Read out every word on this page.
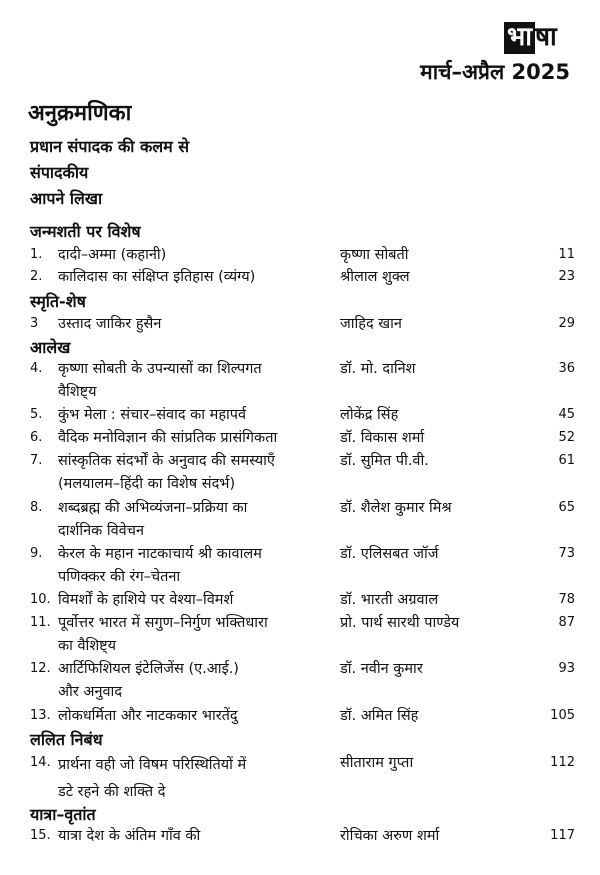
भा षा
मार्च–अप्रैल 2025
अनुक्रमणिका
प्रधान संपादक की कलम से
संपादकीय
आपने लिखा
जन्मशती पर विशेष
1.	दादी–अम्मा (कहानी)	कृष्णा सोबती	11
2.	कालिदास का संक्षिप्त इतिहास (व्यंग्य)	श्रीलाल शुक्ल	23
स्मृति-शेष
3	उस्ताद जाकिर हुसैन	जाहिद खान	29
आलेख
4.	कृष्णा सोबती के उपन्यासों का शिल्पगत
वैशिष्ट्य
डॉ. मो. दानिश	36
5.	कुंभ मेला : संचार–संवाद का महापर्व	लोकेंद्र सिंह	45
6.	वैदिक मनोविज्ञान की सांप्रतिक प्रासंगिकता	डॉ. विकास शर्मा	52
7.	सांस्कृतिक संदर्भों के अनुवाद की समस्याएँ
(मलयालम–हिंदी का विशेष संदर्भ)
डॉ. सुमित पी.वी.	61
8.	शब्दब्रह्म की अभिव्यंजना–प्रक्रिया का
दार्शनिक विवेचन
डॉ. शैलेश कुमार मिश्र	65
9.	केरल के महान नाटकाचार्य श्री कावालम
पणिक्कर की रंग–चेतना
डॉ. एलिसबत जॉर्ज	73
10. विमर्शों के हाशिये पर वेश्या–विमर्श	डॉ. भारती अग्रवाल	78
11. पूर्वोत्तर भारत में सगुण–निर्गुण भक्तिधारा
का वैशिष्ट्य
प्रो. पार्थ सारथी पाण्डेय	87
12. आर्टिफिशियल इंटेलिजेंस (ए.आई.)
और अनुवाद
डॉ. नवीन कुमार	93
13. लोकधर्मिता और नाटककार भारतेंदु	डॉ. अमित सिंह	105
ललित निबंध
14. प्रार्थना वही जो विषम परिस्थितियों में
डटे रहने की शक्ति दे
सीताराम गुप्ता	112
यात्रा–वृतांत
15. यात्रा देश के अंतिम गाँव की	रोचिका अरुण शर्मा	117
